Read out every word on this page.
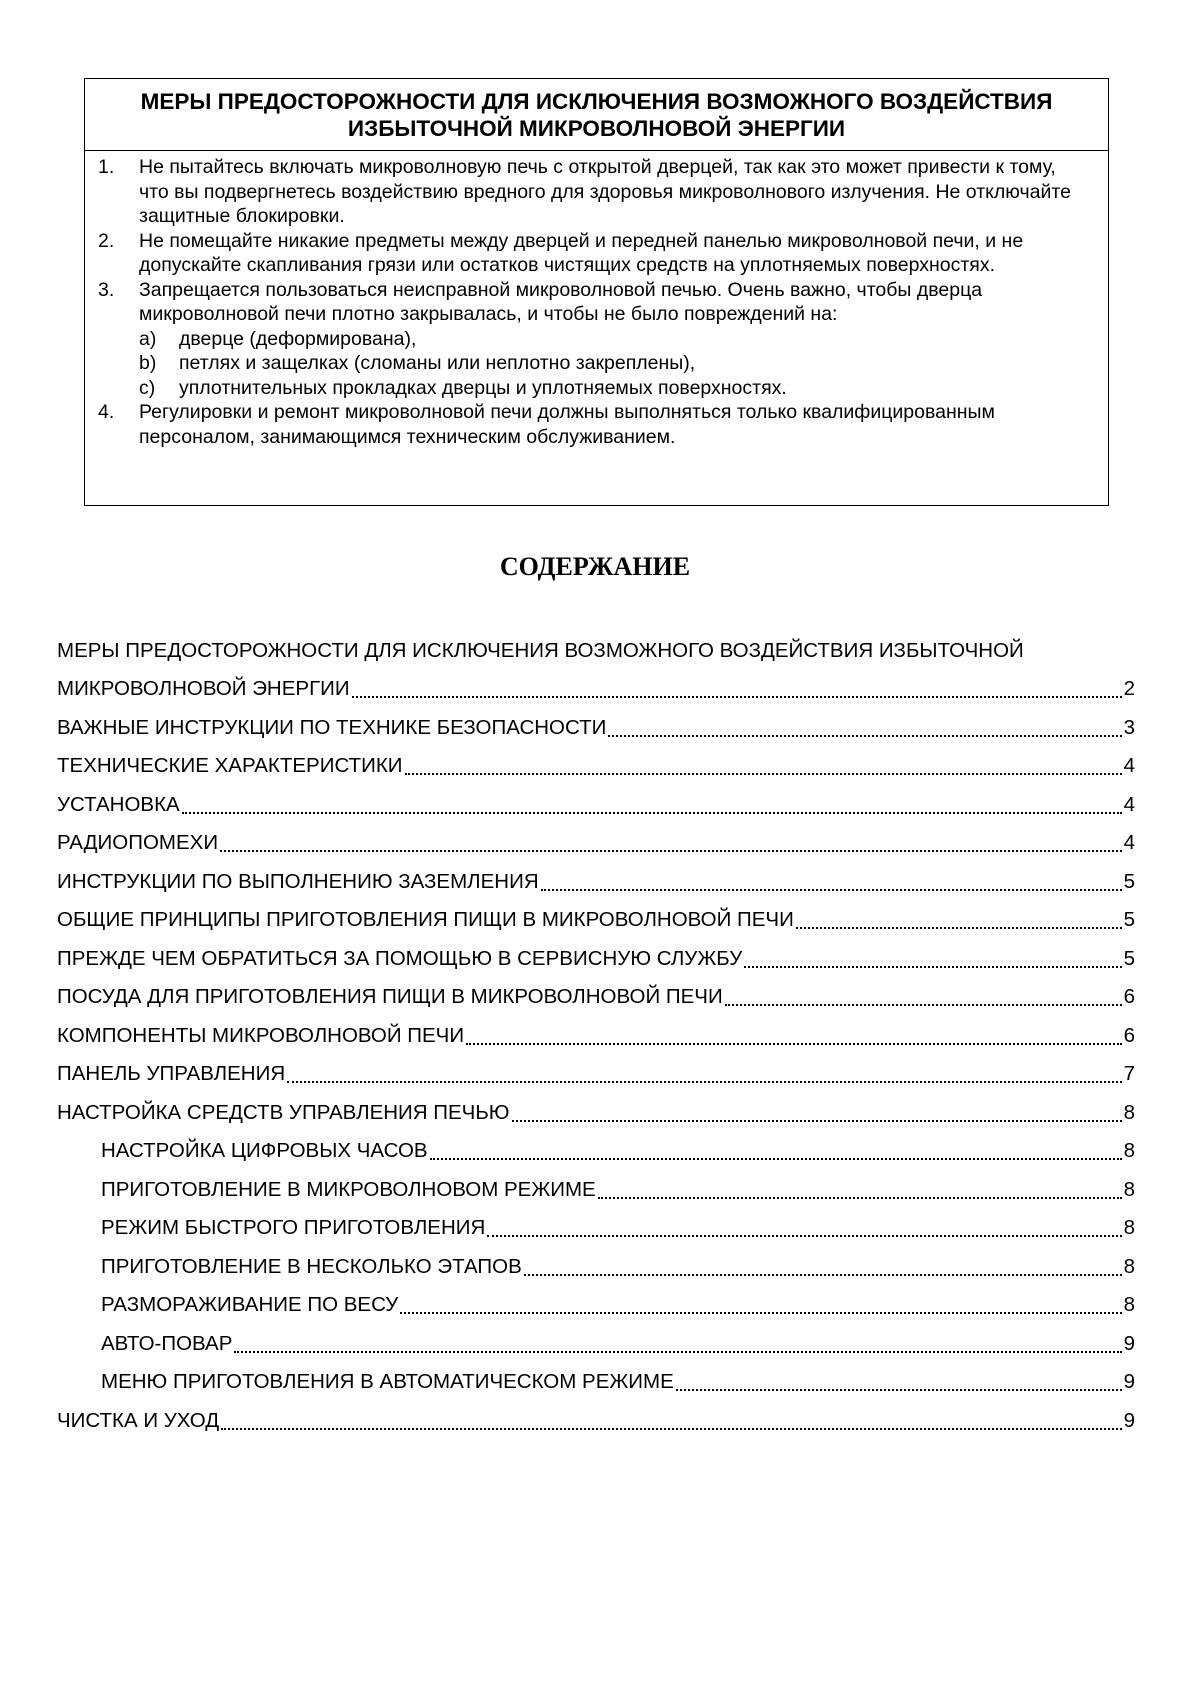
МЕРЫ ПРЕДОСТОРОЖНОСТИ ДЛЯ ИСКЛЮЧЕНИЯ ВОЗМОЖНОГО ВОЗДЕЙСТВИЯ
ИЗБЫТОЧНОЙ МИКРОВОЛНОВОЙ ЭНЕРГИИ
1. Не пытайтесь включать микроволновую печь с открытой дверцей, так как это может привести к тому, что вы подвергнетесь воздействию вредного для здоровья микроволнового излучения. Не отключайте защитные блокировки.
2. Не помещайте никакие предметы между дверцей и передней панелью микроволновой печи, и не допускайте скапливания грязи или остатков чистящих средств на уплотняемых поверхностях.
3. Запрещается пользоваться неисправной микроволновой печью. Очень важно, чтобы дверца микроволновой печи плотно закрывалась, и чтобы не было повреждений на:
a) дверце (деформирована),
b) петлях и защелках (сломаны или неплотно закреплены),
c) уплотнительных прокладках дверцы и уплотняемых поверхностях.
4. Регулировки и ремонт микроволновой печи должны выполняться только квалифицированным персоналом, занимающимся техническим обслуживанием.
СОДЕРЖАНИЕ
МЕРЫ ПРЕДОСТОРОЖНОСТИ ДЛЯ ИСКЛЮЧЕНИЯ ВОЗМОЖНОГО ВОЗДЕЙСТВИЯ ИЗБЫТОЧНОЙ
МИКРОВОЛНОВОЙ ЭНЕРГИИ	2
ВАЖНЫЕ ИНСТРУКЦИИ ПО ТЕХНИКЕ БЕЗОПАСНОСТИ	3
ТЕХНИЧЕСКИЕ ХАРАКТЕРИСТИКИ	4
УСТАНОВКА	4
РАДИОПОМЕХИ	4
ИНСТРУКЦИИ ПО ВЫПОЛНЕНИЮ ЗАЗЕМЛЕНИЯ	5
ОБЩИЕ ПРИНЦИПЫ ПРИГОТОВЛЕНИЯ ПИЩИ В МИКРОВОЛНОВОЙ ПЕЧИ	5
ПРЕЖДЕ ЧЕМ ОБРАТИТЬСЯ ЗА ПОМОЩЬЮ В СЕРВИСНУЮ СЛУЖБУ	5
ПОСУДА ДЛЯ ПРИГОТОВЛЕНИЯ ПИЩИ В МИКРОВОЛНОВОЙ ПЕЧИ	6
КОМПОНЕНТЫ МИКРОВОЛНОВОЙ ПЕЧИ	6
ПАНЕЛЬ УПРАВЛЕНИЯ	7
НАСТРОЙКА СРЕДСТВ УПРАВЛЕНИЯ ПЕЧЬЮ	8
НАСТРОЙКА ЦИФРОВЫХ ЧАСОВ	8
ПРИГОТОВЛЕНИЕ В МИКРОВОЛНОВОМ РЕЖИМЕ	8
РЕЖИМ БЫСТРОГО ПРИГОТОВЛЕНИЯ	8
ПРИГОТОВЛЕНИЕ В НЕСКОЛЬКО ЭТАПОВ	8
РАЗМОРАЖИВАНИЕ ПО ВЕСУ	8
АВТО-ПОВАР	9
МЕНЮ ПРИГОТОВЛЕНИЯ В АВТОМАТИЧЕСКОМ РЕЖИМЕ	9
ЧИСТКА И УХОД	9
